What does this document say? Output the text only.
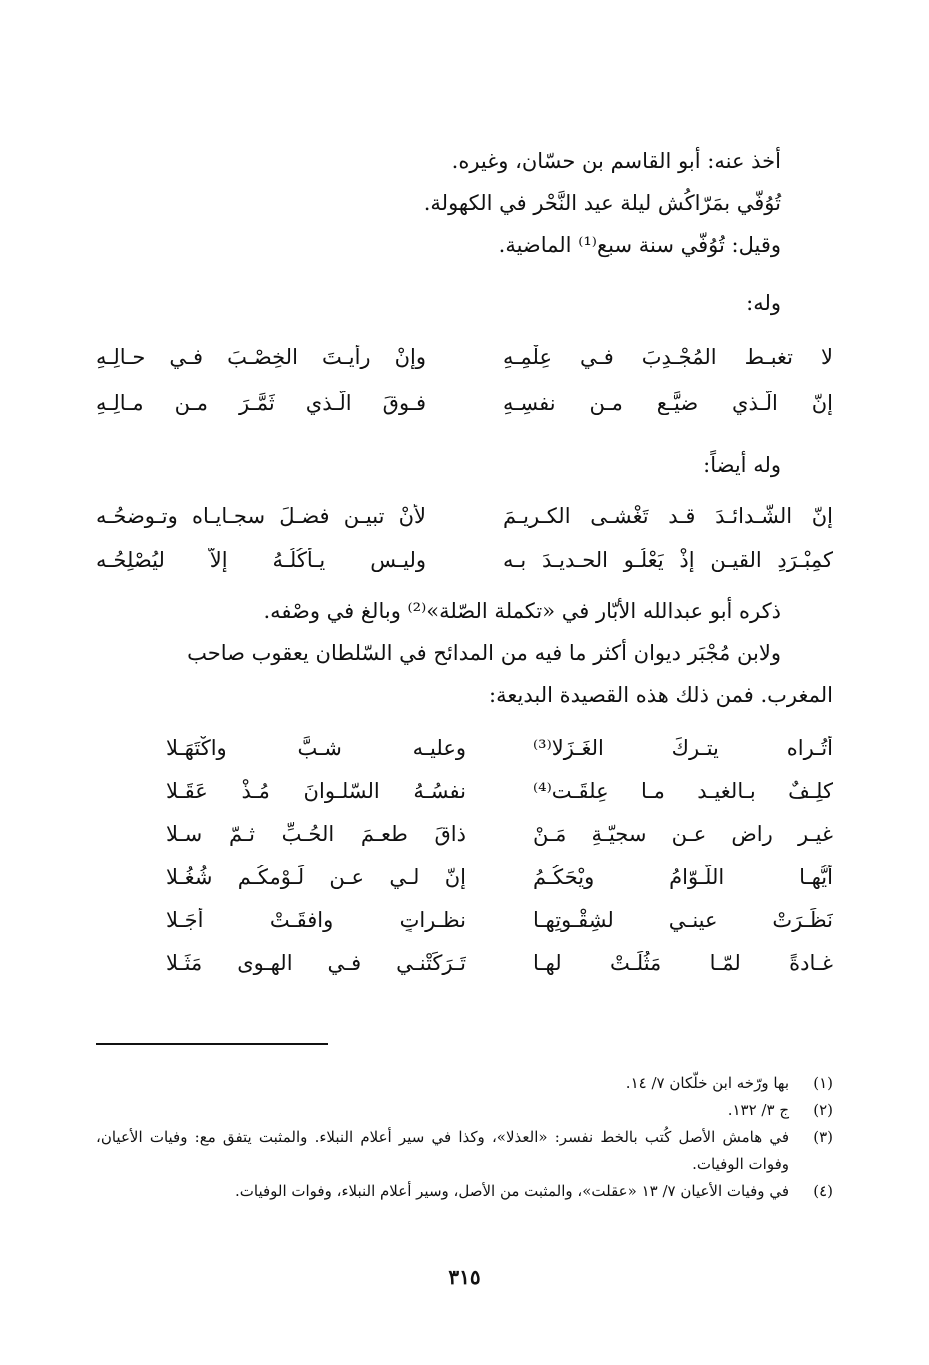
أخذ عنه: أبو القاسم بن حسّان، وغيره.

تُوُفّي بمَرّاكُش ليلة عيد النَّحْر في الكهولة.

وقيل: تُوُفّي سنة سبع⁽¹⁾ الماضية.

وله:

لا تغبـط المُجْـدِبَ فـي عِلْمِـهِ
وإنْ رأيـتَ الخِصْـبَ فـي حـالِـهِ
إنّ الّـذي ضيَّـع مـن نفسِـهِ
فـوقَ الّـذي ثَمَّـرَ مـن مـالِـهِ

وله أيضاً:

إنّ الشّـدائـدَ قـد تَغْشـى الكـريـمَ
لأنْ تبيـن فضـلَ سجـايـاه وتـوضحُـه
كمِبْـرَدِ القيـن إذْ يَعْلُـو الحـديـدَ بـه
وليـس يـأكُلُـهُ إلاّ ليُصْلِحُـه

ذكره أبو عبدالله الأبّار في «تكملة الصّلة»⁽²⁾ وبالغ في وصْفه.

ولابن مُجْبَر ديوان أكثر ما فيه من المدائح في السّلطان يعقوب صاحب

المغرب. فمن ذلك هذه القصيدة البديعة:

أتُـراه يتـركَ الغَـزَلا⁽³⁾
وعليـه شـبَّ واكْتَهَـلا
كلِـفٌ بـالغيـد مـا عِلقَـت⁽⁴⁾
نفسُـهُ السّلـوانَ مُـذْ عَقَـلا
غيـر راضٍ عـن سجيّـةِ مَـنْ
ذاقَ طعـمَ الحُـبِّ ثـمّ سـلا
أيُّهـا اللُّـوّامُ ويْحَكُـمُ
إنّ لـي عـن لَـوْمكُـم شُغُـلا
نَظَـرَتْ عينـي لشِقْـوتِهـا
نظـراتٍ وافقَـتْ أجَـلا
غـادةً لمّـا مَثُلَـتْ لهـا
تَـرَكَتْنـي فـي الهـوى مَثَـلا
(١)
بها ورّخه ابن خلّكان ٧/ ١٤.
(٢)
ج ٣/ ١٣٢.
(٣)
في هامش الأصل كُتب بالخط نفسر: «العذلا»، وكذا في سير أعلام النبلاء. والمثبت يتفق مع: وفيات الأعيان، وفوات الوفيات.
(٤)
في وفيات الأعيان ٧/ ١٣ «عقلت»، والمثبت من الأصل، وسير أعلام النبلاء، وفوات الوفيات.
٣١٥
